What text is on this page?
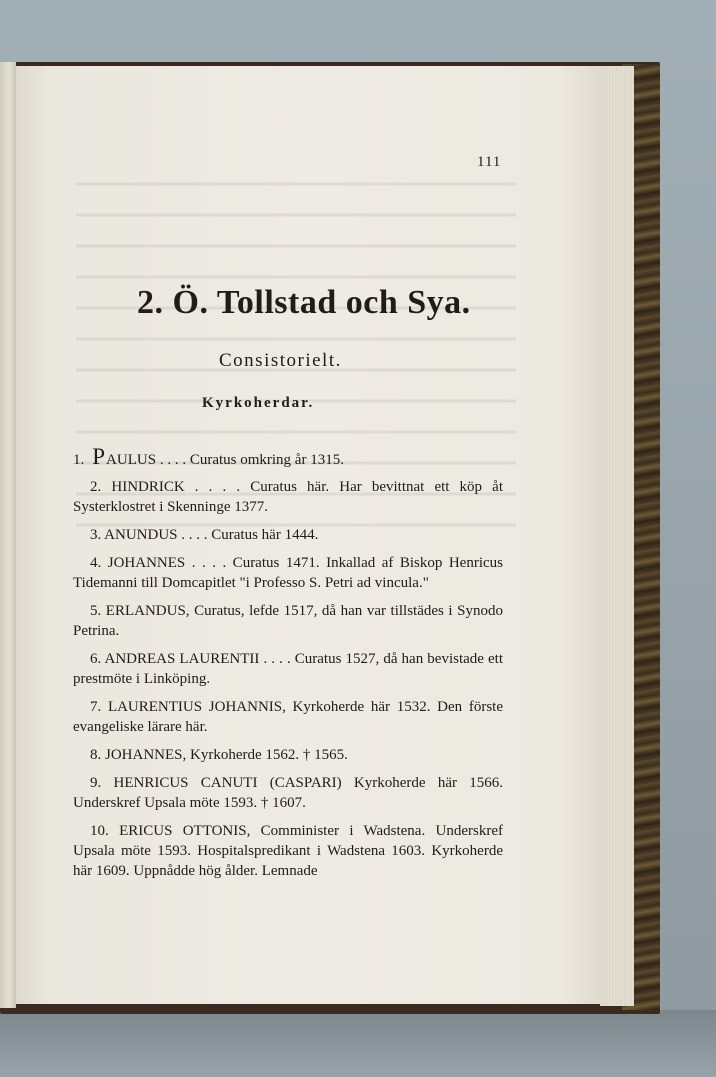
111
2. Ö. Tollstad och Sya.
Consistorielt.
Kyrkoherdar.

1. PAULUS . . . . Curatus omkring år 1315.

2. HINDRICK . . . . Curatus här. Har bevittnat ett köp åt Systerklostret i Skenninge 1377.

3. ANUNDUS . . . . Curatus här 1444.

4. JOHANNES . . . . Curatus 1471. Inkallad af Biskop Henricus Tidemanni till Domcapitlet "i Professo S. Petri ad vincula."

5. ERLANDUS, Curatus, lefde 1517, då han var tillstädes i Synodo Petrina.

6. ANDREAS LAURENTII . . . . Curatus 1527, då han bevistade ett prestmöte i Linköping.

7. LAURENTIUS JOHANNIS, Kyrkoherde här 1532. Den förste evangeliske lärare här.

8. JOHANNES, Kyrkoherde 1562. † 1565.

9. HENRICUS CANUTI (CASPARI) Kyrkoherde här 1566. Underskref Upsala möte 1593. † 1607.

10. ERICUS OTTONIS, Comminister i Wadstena. Underskref Upsala möte 1593. Hospitalspredikant i Wadstena 1603. Kyrkoherde här 1609. Uppnådde hög ålder. Lemnade
